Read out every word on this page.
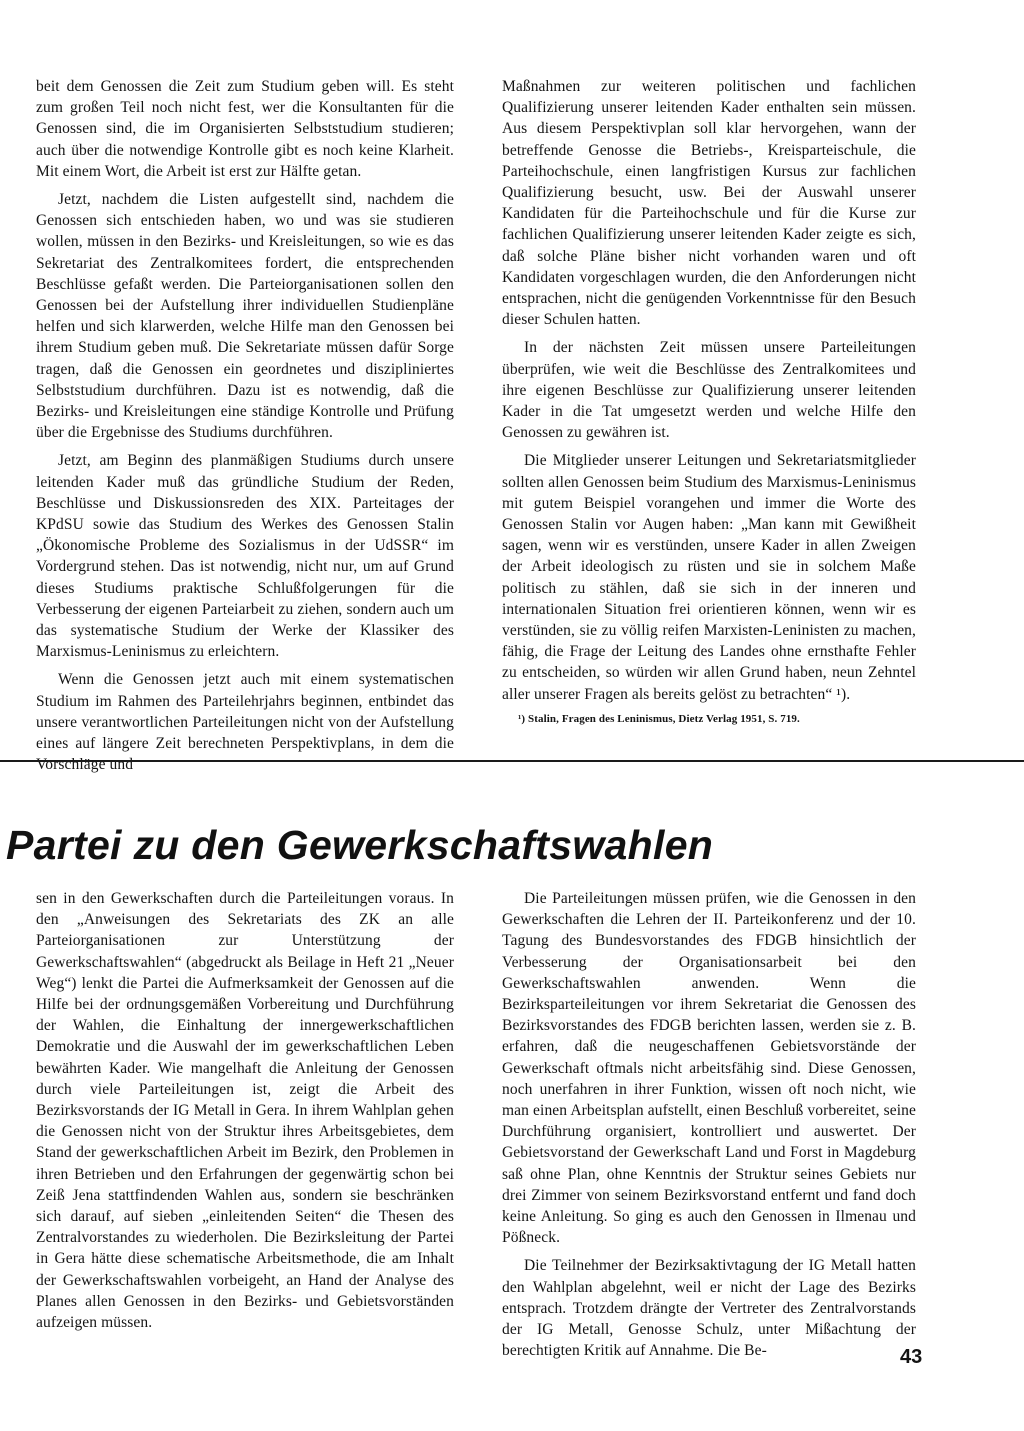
beit dem Genossen die Zeit zum Studium geben will. Es steht zum großen Teil noch nicht fest, wer die Konsultanten für die Genossen sind, die im Organisierten Selbststudium studieren; auch über die notwendige Kontrolle gibt es noch keine Klarheit. Mit einem Wort, die Arbeit ist erst zur Hälfte getan.

Jetzt, nachdem die Listen aufgestellt sind, nachdem die Genossen sich entschieden haben, wo und was sie studieren wollen, müssen in den Bezirks- und Kreisleitungen, so wie es das Sekretariat des Zentralkomitees fordert, die entsprechenden Beschlüsse gefaßt werden. Die Parteiorganisationen sollen den Genossen bei der Aufstellung ihrer individuellen Studienpläne helfen und sich klarwerden, welche Hilfe man den Genossen bei ihrem Studium geben muß. Die Sekretariate müssen dafür Sorge tragen, daß die Genossen ein geordnetes und diszipliniertes Selbststudium durchführen. Dazu ist es notwendig, daß die Bezirks- und Kreisleitungen eine ständige Kontrolle und Prüfung über die Ergebnisse des Studiums durchführen.

Jetzt, am Beginn des planmäßigen Studiums durch unsere leitenden Kader muß das gründliche Studium der Reden, Beschlüsse und Diskussionsreden des XIX. Parteitages der KPdSU sowie das Studium des Werkes des Genossen Stalin „Ökonomische Probleme des Sozialismus in der UdSSR“ im Vordergrund stehen. Das ist notwendig, nicht nur, um auf Grund dieses Studiums praktische Schlußfolgerungen für die Verbesserung der eigenen Parteiarbeit zu ziehen, sondern auch um das systematische Studium der Werke der Klassiker des Marxismus-Leninismus zu erleichtern.

Wenn die Genossen jetzt auch mit einem systematischen Studium im Rahmen des Parteilehrjahrs beginnen, entbindet das unsere verantwortlichen Parteileitungen nicht von der Aufstellung eines auf längere Zeit berechneten Perspektivplans, in dem die Vorschläge und

Maßnahmen zur weiteren politischen und fachlichen Qualifizierung unserer leitenden Kader enthalten sein müssen. Aus diesem Perspektivplan soll klar hervorgehen, wann der betreffende Genosse die Betriebs-, Kreisparteischule, die Parteihochschule, einen langfristigen Kursus zur fachlichen Qualifizierung besucht, usw. Bei der Auswahl unserer Kandidaten für die Parteihochschule und für die Kurse zur fachlichen Qualifizierung unserer leitenden Kader zeigte es sich, daß solche Pläne bisher nicht vorhanden waren und oft Kandidaten vorgeschlagen wurden, die den Anforderungen nicht entsprachen, nicht die genügenden Vorkenntnisse für den Besuch dieser Schulen hatten.

In der nächsten Zeit müssen unsere Parteileitungen überprüfen, wie weit die Beschlüsse des Zentralkomitees und ihre eigenen Beschlüsse zur Qualifizierung unserer leitenden Kader in die Tat umgesetzt werden und welche Hilfe den Genossen zu gewähren ist.

Die Mitglieder unserer Leitungen und Sekretariatsmitglieder sollten allen Genossen beim Studium des Marxismus-Leninismus mit gutem Beispiel vorangehen und immer die Worte des Genossen Stalin vor Augen haben: „Man kann mit Gewißheit sagen, wenn wir es verstünden, unsere Kader in allen Zweigen der Arbeit ideologisch zu rüsten und sie in solchem Maße politisch zu stählen, daß sie sich in der inneren und internationalen Situation frei orientieren können, wenn wir es verstünden, sie zu völlig reifen Marxisten-Leninisten zu machen, fähig, die Frage der Leitung des Landes ohne ernsthafte Fehler zu entscheiden, so würden wir allen Grund haben, neun Zehntel aller unserer Fragen als bereits gelöst zu betrachten“ ¹).

¹) Stalin, Fragen des Leninismus, Dietz Verlag 1951, S. 719.
Partei zu den Gewerkschaftswahlen

sen in den Gewerkschaften durch die Parteileitungen voraus. In den „Anweisungen des Sekretariats des ZK an alle Parteiorganisationen zur Unterstützung der Gewerkschaftswahlen“ (abgedruckt als Beilage in Heft 21 „Neuer Weg“) lenkt die Partei die Aufmerksamkeit der Genossen auf die Hilfe bei der ordnungsgemäßen Vorbereitung und Durchführung der Wahlen, die Einhaltung der innergewerkschaftlichen Demokratie und die Auswahl der im gewerkschaftlichen Leben bewährten Kader. Wie mangelhaft die Anleitung der Genossen durch viele Parteileitungen ist, zeigt die Arbeit des Bezirksvorstands der IG Metall in Gera. In ihrem Wahlplan gehen die Genossen nicht von der Struktur ihres Arbeitsgebietes, dem Stand der gewerkschaftlichen Arbeit im Bezirk, den Problemen in ihren Betrieben und den Erfahrungen der gegenwärtig schon bei Zeiß Jena stattfindenden Wahlen aus, sondern sie beschränken sich darauf, auf sieben „einleitenden Seiten“ die Thesen des Zentralvorstandes zu wiederholen. Die Bezirksleitung der Partei in Gera hätte diese schematische Arbeitsmethode, die am Inhalt der Gewerkschaftswahlen vorbeigeht, an Hand der Analyse des Planes allen Genossen in den Bezirks- und Gebietsvorständen aufzeigen müssen.

Die Parteileitungen müssen prüfen, wie die Genossen in den Gewerkschaften die Lehren der II. Parteikonferenz und der 10. Tagung des Bundesvorstandes des FDGB hinsichtlich der Verbesserung der Organisationsarbeit bei den Gewerkschaftswahlen anwenden. Wenn die Bezirksparteileitungen vor ihrem Sekretariat die Genossen des Bezirksvorstandes des FDGB berichten lassen, werden sie z. B. erfahren, daß die neugeschaffenen Gebietsvorstände der Gewerkschaft oftmals nicht arbeitsfähig sind. Diese Genossen, noch unerfahren in ihrer Funktion, wissen oft noch nicht, wie man einen Arbeitsplan aufstellt, einen Beschluß vorbereitet, seine Durchführung organisiert, kontrolliert und auswertet. Der Gebietsvorstand der Gewerkschaft Land und Forst in Magdeburg saß ohne Plan, ohne Kenntnis der Struktur seines Gebiets nur drei Zimmer von seinem Bezirksvorstand entfernt und fand doch keine Anleitung. So ging es auch den Genossen in Ilmenau und Pößneck.

Die Teilnehmer der Bezirksaktivtagung der IG Metall hatten den Wahlplan abgelehnt, weil er nicht der Lage des Bezirks entsprach. Trotzdem drängte der Vertreter des Zentralvorstands der IG Metall, Genosse Schulz, unter Mißachtung der berechtigten Kritik auf Annahme. Die Be-	43
